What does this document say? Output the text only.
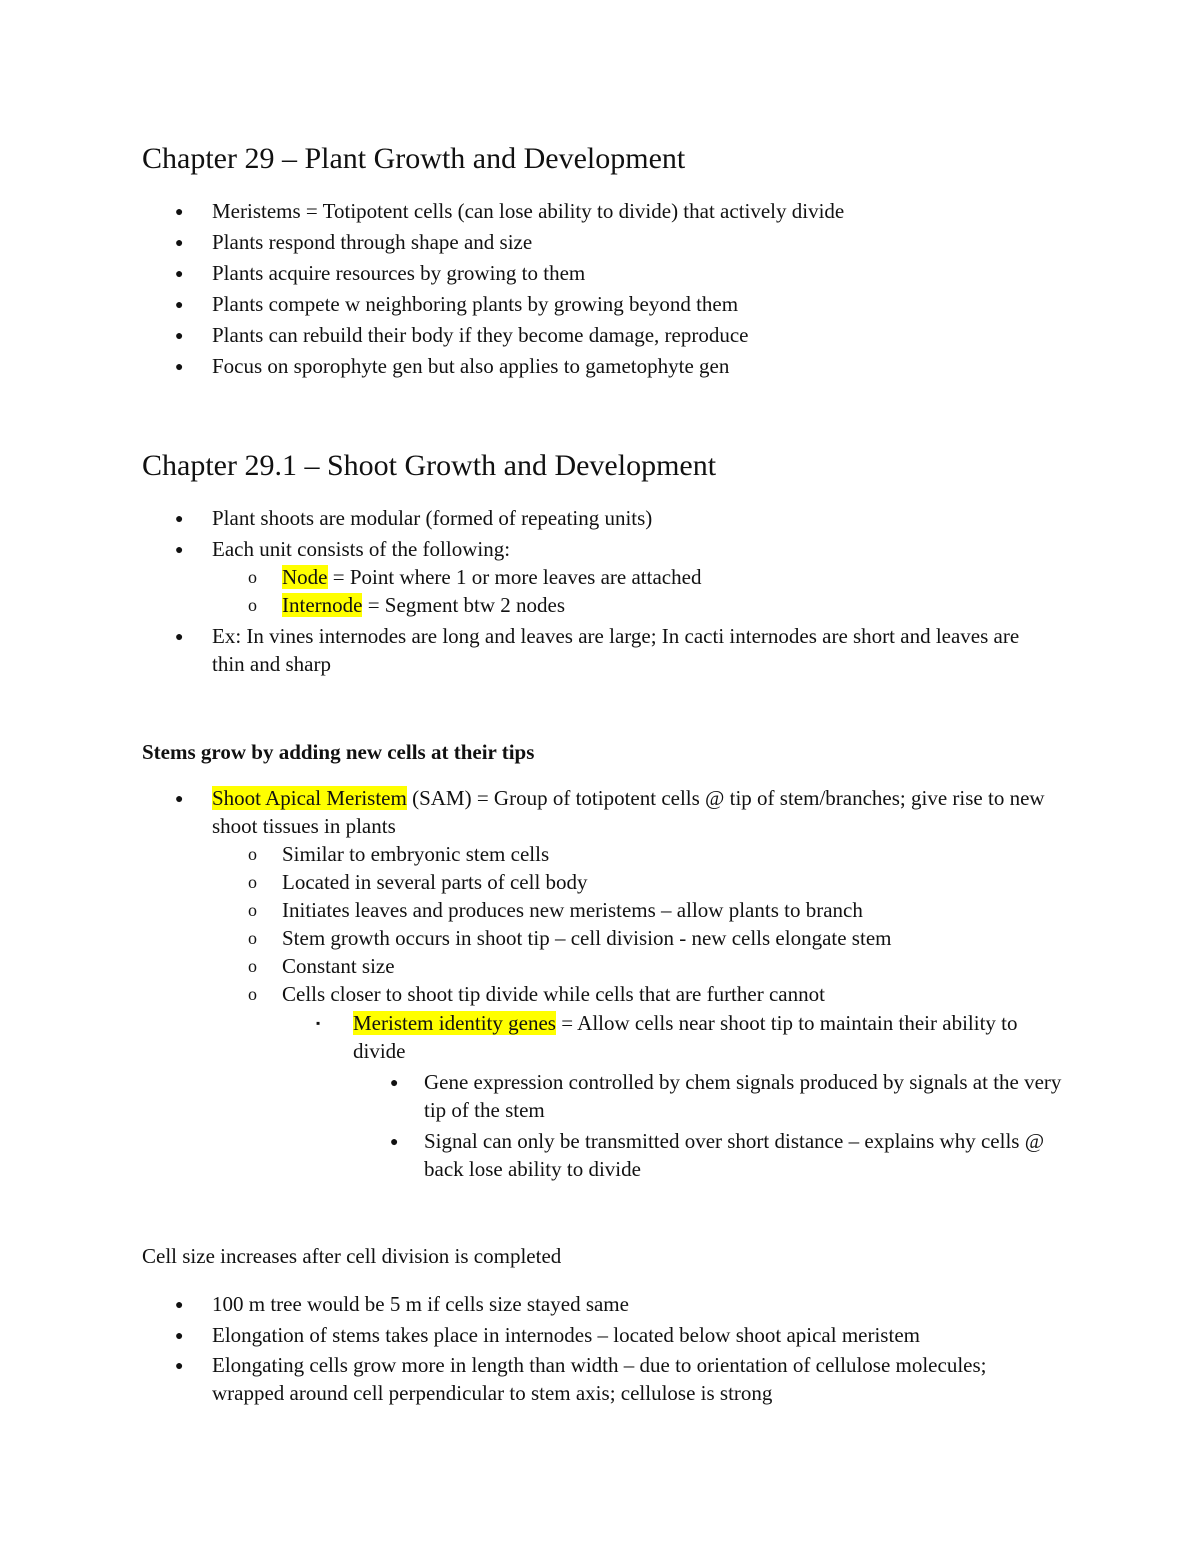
Chapter 29 – Plant Growth and Development
● Meristems = Totipotent cells (can lose ability to divide) that actively divide
● Plants respond through shape and size
● Plants acquire resources by growing to them
● Plants compete w neighboring plants by growing beyond them
● Plants can rebuild their body if they become damage, reproduce
● Focus on sporophyte gen but also applies to gametophyte gen
Chapter 29.1 – Shoot Growth and Development
● Plant shoots are modular (formed of repeating units)
● Each unit consists of the following:
o Node = Point where 1 or more leaves are attached
o Internode = Segment btw 2 nodes
● Ex: In vines internodes are long and leaves are large; In cacti internodes are short and leaves are thin and sharp
Stems grow by adding new cells at their tips
● Shoot Apical Meristem (SAM) = Group of totipotent cells @ tip of stem/branches; give rise to new shoot tissues in plants
o Similar to embryonic stem cells
o Located in several parts of cell body
o Initiates leaves and produces new meristems – allow plants to branch
o Stem growth occurs in shoot tip – cell division - new cells elongate stem
o Constant size
o Cells closer to shoot tip divide while cells that are further cannot
▪ Meristem identity genes = Allow cells near shoot tip to maintain their ability to divide
● Gene expression controlled by chem signals produced by signals at the very tip of the stem
● Signal can only be transmitted over short distance – explains why cells @ back lose ability to divide
Cell size increases after cell division is completed
● 100 m tree would be 5 m if cells size stayed same
● Elongation of stems takes place in internodes – located below shoot apical meristem
● Elongating cells grow more in length than width – due to orientation of cellulose molecules; wrapped around cell perpendicular to stem axis; cellulose is strong
